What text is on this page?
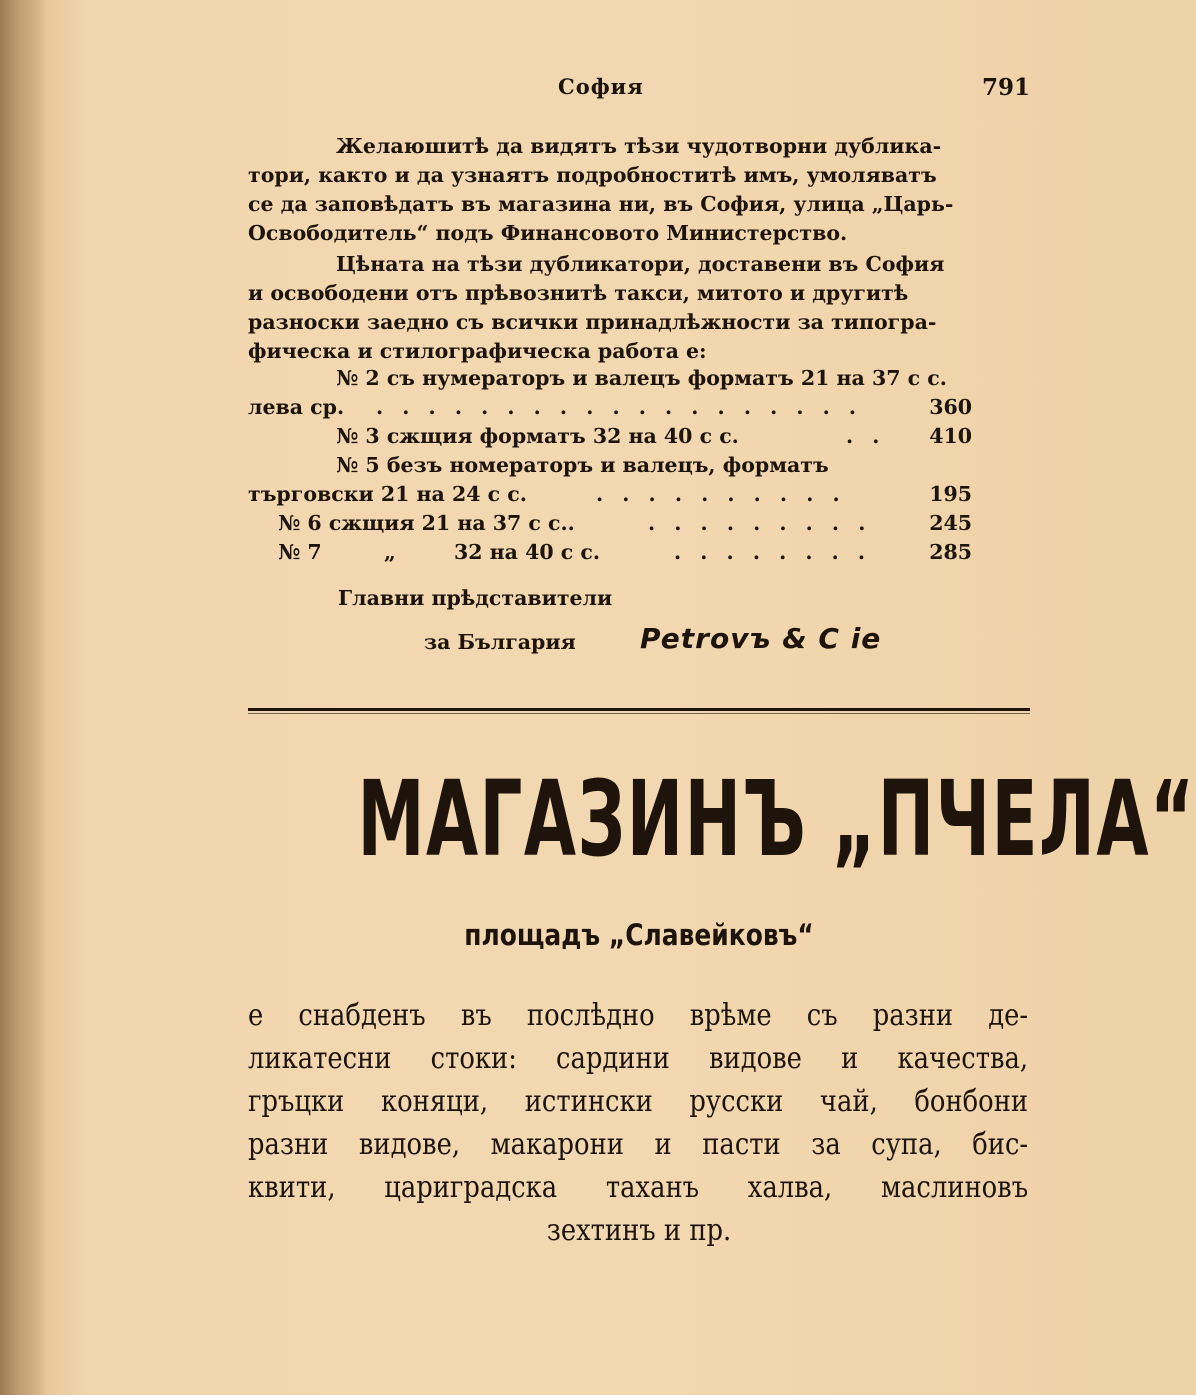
София	791
Желаюшитѣ да видятъ тѣзи чудотворни дублика-
тори, както и да узнаятъ подробноститѣ имъ, умоляватъ
се да заповѣдатъ въ магазина ни, въ София, улица „Царь-
Освободитель“ подъ Финансовото Министерство.
Цѣната на тѣзи дубликатори, доставени въ София
и освободени отъ прѣвознитѣ такси, митото и другитѣ
разноски заедно съ всички принадлѣжности за типогра-
фическа и стилографическа работа е:
№ 2 съ нумераторъ и валецъ форматъ 21 на 37 с с.
лева ср. . . . . . . . . . . . . . . . . . . .	360
№ 3 сжщия форматъ 32 на 40 с с.	. . 410
№ 5 безъ номераторъ и валецъ, форматъ
търговски 21 на 24 с с.	. . . . . . . . . .	195
№ 6 сжщия 21 на 37 с с..	. . . . . . . . .	245
№ 7	„	32 на 40 с с.	. . . . . . . .	285
Главни прѣдставители
за България Petrovъ & C ie
МАГАЗИНЪ „ПЧЕЛА“
площадъ „Славейковъ“
е снабденъ въ послѣдно врѣме съ разни де-
ликатесни стоки: сардини видове и качества,
гръцки коняци, истински русски чай, бонбони
разни видове, макарони и пасти за супа, бис-
квити, цариградска таханъ халва, маслиновъ
зехтинъ и пр.
